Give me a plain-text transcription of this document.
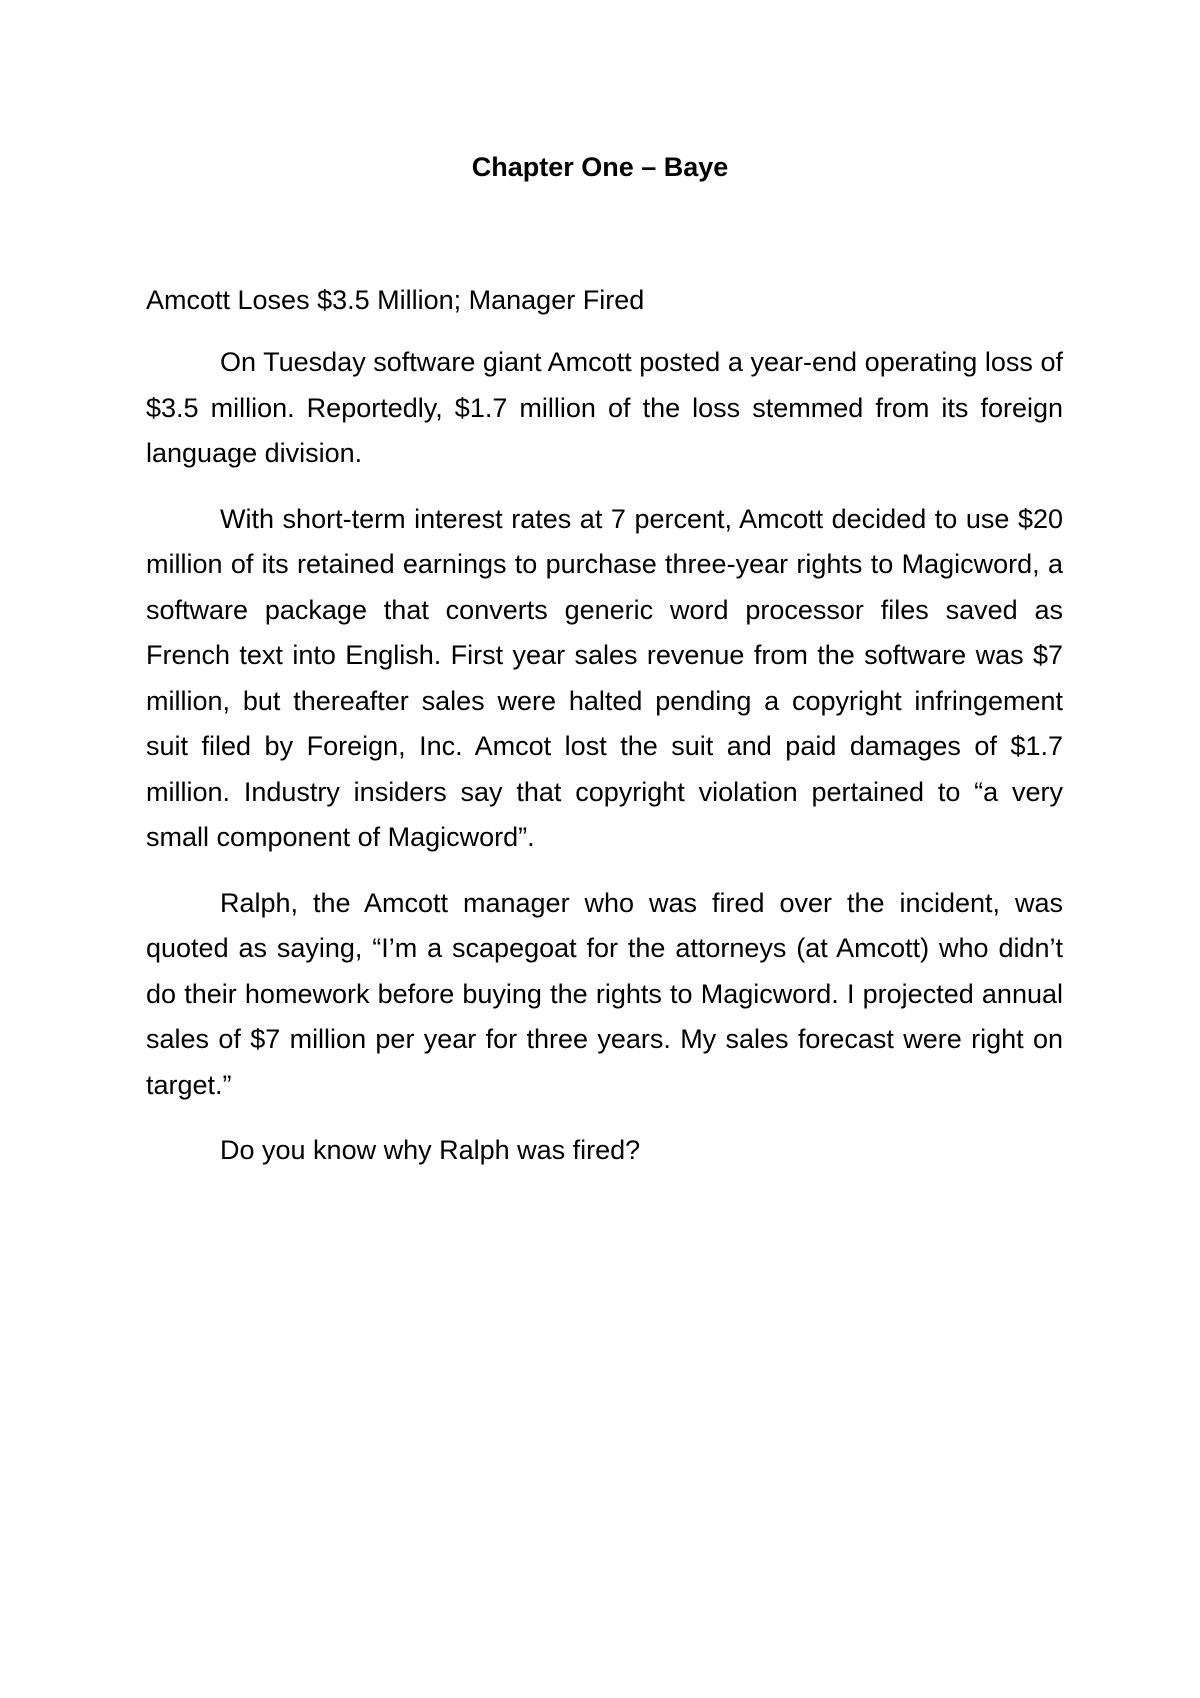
Chapter One – Baye

Amcott Loses $3.5 Million; Manager Fired

On Tuesday software giant Amcott posted a year-end operating loss of $3.5 million. Reportedly, $1.7 million of the loss stemmed from its foreign language division.

With short-term interest rates at 7 percent, Amcott decided to use $20 million of its retained earnings to purchase three-year rights to Magicword, a software package that converts generic word processor files saved as French text into English. First year sales revenue from the software was $7 million, but thereafter sales were halted pending a copyright infringement suit filed by Foreign, Inc. Amcot lost the suit and paid damages of $1.7 million. Industry insiders say that copyright violation pertained to “a very small component of Magicword”.

Ralph, the Amcott manager who was fired over the incident, was quoted as saying, “I’m a scapegoat for the attorneys (at Amcott) who didn’t do their homework before buying the rights to Magicword. I projected annual sales of $7 million per year for three years. My sales forecast were right on target.”

Do you know why Ralph was fired?
